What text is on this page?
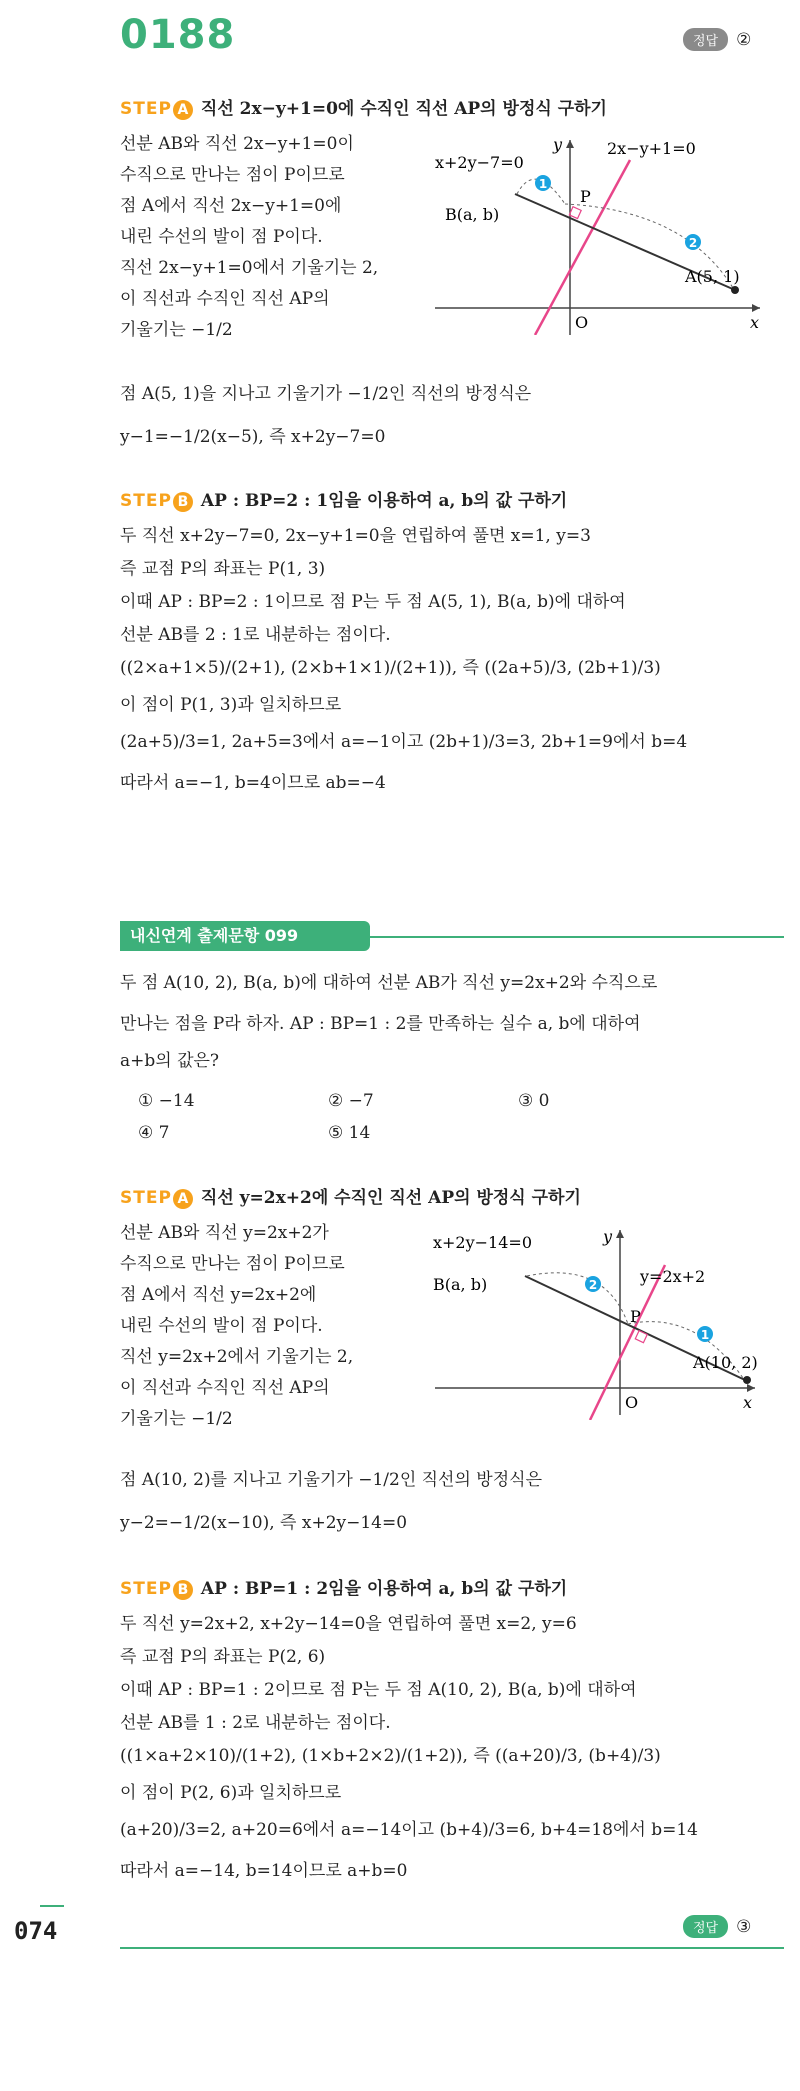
0188	정답	②
STEP A 직선 2x−y+1=0에 수직인 직선 AP의 방정식 구하기
선분 AB와 직선 2x−y+1=0이
수직으로 만나는 점이 P이므로
점 A에서 직선 2x−y+1=0에
내린 수선의 발이 점 P이다.
직선 2x−y+1=0에서 기울기는 2,
이 직선과 수직인 직선 AP의
기울기는 −1/2
1
2
x+2y−7=0
2x−y+1=0
B(a, b)
P
A(5, 1)
O	x
y
점 A(5, 1)을 지나고 기울기가 −1/2인 직선의 방정식은
y−1=−1/2(x−5), 즉 x+2y−7=0
STEP B AP : BP=2 : 1임을 이용하여 a, b의 값 구하기
두 직선 x+2y−7=0, 2x−y+1=0을 연립하여 풀면 x=1, y=3
즉 교점 P의 좌표는 P(1, 3)
이때 AP : BP=2 : 1이므로 점 P는 두 점 A(5, 1), B(a, b)에 대하여
선분 AB를 2 : 1로 내분하는 점이다.
((2×a+1×5)/(2+1), (2×b+1×1)/(2+1)), 즉 ((2a+5)/3, (2b+1)/3)
이 점이 P(1, 3)과 일치하므로
(2a+5)/3=1, 2a+5=3에서 a=−1이고 (2b+1)/3=3, 2b+1=9에서 b=4
따라서 a=−1, b=4이므로 ab=−4
내신연계 출제문항 099
두 점 A(10, 2), B(a, b)에 대하여 선분 AB가 직선 y=2x+2와 수직으로
만나는 점을 P라 하자. AP : BP=1 : 2를 만족하는 실수 a, b에 대하여
a+b의 값은?
① −14	② −7	③ 0
④ 7	⑤ 14
STEP A 직선 y=2x+2에 수직인 직선 AP의 방정식 구하기
선분 AB와 직선 y=2x+2가
수직으로 만나는 점이 P이므로
점 A에서 직선 y=2x+2에
내린 수선의 발이 점 P이다.
직선 y=2x+2에서 기울기는 2,
이 직선과 수직인 직선 AP의
기울기는 −1/2
1
2
x+2y−14=0
y=2x+2
B(a, b)
P
A(10, 2)
O	x
y
점 A(10, 2)를 지나고 기울기가 −1/2인 직선의 방정식은
y−2=−1/2(x−10), 즉 x+2y−14=0
STEP B AP : BP=1 : 2임을 이용하여 a, b의 값 구하기
두 직선 y=2x+2, x+2y−14=0을 연립하여 풀면 x=2, y=6
즉 교점 P의 좌표는 P(2, 6)
이때 AP : BP=1 : 2이므로 점 P는 두 점 A(10, 2), B(a, b)에 대하여
선분 AB를 1 : 2로 내분하는 점이다.
((1×a+2×10)/(1+2), (1×b+2×2)/(1+2)), 즉 ((a+20)/3, (b+4)/3)
이 점이 P(2, 6)과 일치하므로
(a+20)/3=2, a+20=6에서 a=−14이고 (b+4)/3=6, b+4=18에서 b=14
따라서 a=−14, b=14이므로 a+b=0
정답	③
074
